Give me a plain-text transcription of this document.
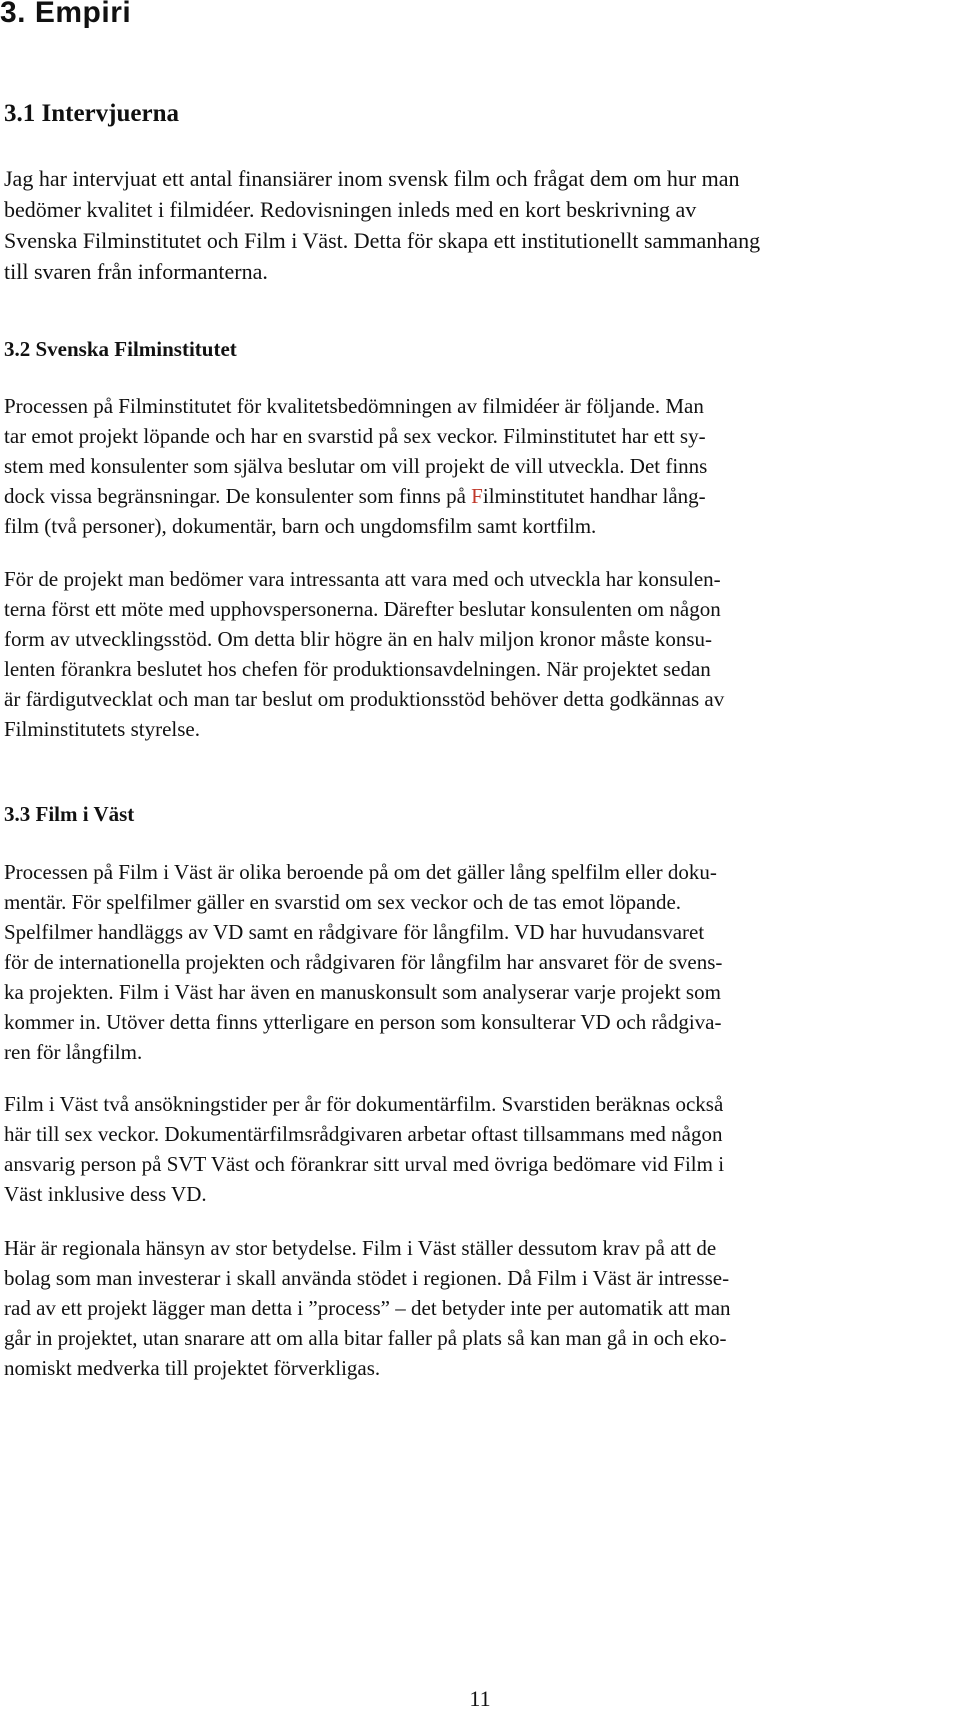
3. Empiri
3.1 Intervjuerna
Jag har intervjuat ett antal finansiärer inom svensk film och frågat dem om hur man
bedömer kvalitet i filmidéer. Redovisningen inleds med en kort beskrivning av
Svenska Filminstitutet och Film i Väst. Detta för skapa ett institutionellt sammanhang
till svaren från informanterna.
3.2 Svenska Filminstitutet
Processen på Filminstitutet för kvalitetsbedömningen av filmidéer är följande. Man
tar emot projekt löpande och har en svarstid på sex veckor. Filminstitutet har ett sy-
stem med konsulenter som själva beslutar om vill projekt de vill utveckla. Det finns
dock vissa begränsningar. De konsulenter som finns på Filminstitutet handhar lång-
film (två personer), dokumentär, barn och ungdomsfilm samt kortfilm.
För de projekt man bedömer vara intressanta att vara med och utveckla har konsulen-
terna först ett möte med upphovspersonerna. Därefter beslutar konsulenten om någon
form av utvecklingsstöd. Om detta blir högre än en halv miljon kronor måste konsu-
lenten förankra beslutet hos chefen för produktionsavdelningen. När projektet sedan
är färdigutvecklat och man tar beslut om produktionsstöd behöver detta godkännas av
Filminstitutets styrelse.
3.3 Film i Väst
Processen på Film i Väst är olika beroende på om det gäller lång spelfilm eller doku-
mentär. För spelfilmer gäller en svarstid om sex veckor och de tas emot löpande.
Spelfilmer handläggs av VD samt en rådgivare för långfilm. VD har huvudansvaret
för de internationella projekten och rådgivaren för långfilm har ansvaret för de svens-
ka projekten. Film i Väst har även en manuskonsult som analyserar varje projekt som
kommer in. Utöver detta finns ytterligare en person som konsulterar VD och rådgiva-
ren för långfilm.
Film i Väst två ansökningstider per år för dokumentärfilm. Svarstiden beräknas också
här till sex veckor. Dokumentärfilmsrådgivaren arbetar oftast tillsammans med någon
ansvarig person på SVT Väst och förankrar sitt urval med övriga bedömare vid Film i
Väst inklusive dess VD.
Här är regionala hänsyn av stor betydelse. Film i Väst ställer dessutom krav på att de
bolag som man investerar i skall använda stödet i regionen. Då Film i Väst är intresse-
rad av ett projekt lägger man detta i ”process” – det betyder inte per automatik att man
går in projektet, utan snarare att om alla bitar faller på plats så kan man gå in och eko-
nomiskt medverka till projektet förverkligas.

11
